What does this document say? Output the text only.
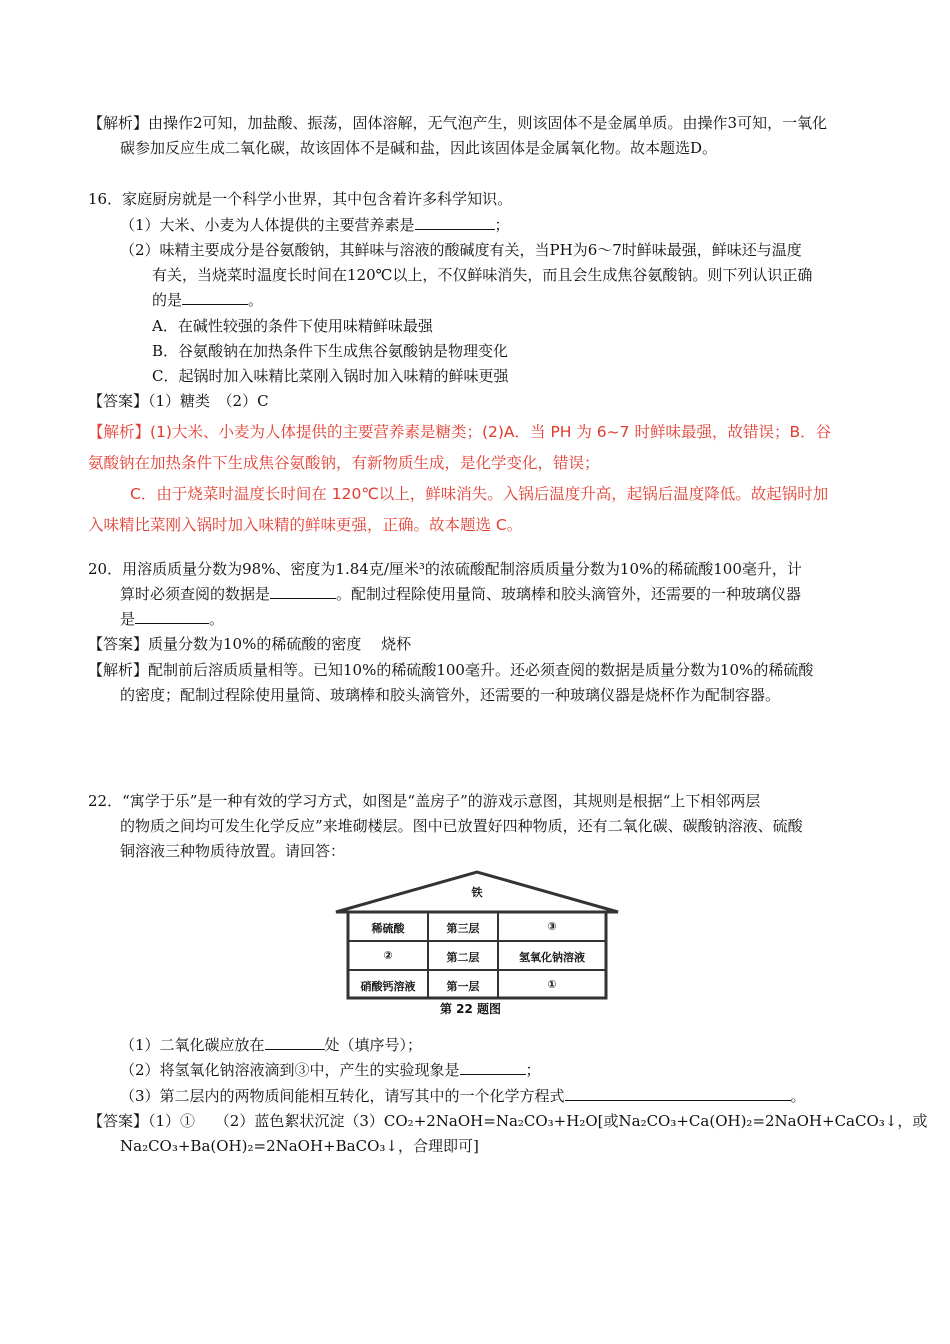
【解析】由操作2可知，加盐酸、振荡，固体溶解，无气泡产生，则该固体不是金属单质。由操作3可知，一氧化
碳参加反应生成二氧化碳，故该固体不是碱和盐，因此该固体是金属氧化物。故本题选D。
16．家庭厨房就是一个科学小世界，其中包含着许多科学知识。
（1）大米、小麦为人体提供的主要营养素是	；
（2）味精主要成分是谷氨酸钠，其鲜味与溶液的酸碱度有关，当PH为6～7时鲜味最强，鲜味还与温度
有关，当烧菜时温度长时间在120℃以上，不仅鲜味消失，而且会生成焦谷氨酸钠。则下列认识正确
的是	。
A．在碱性较强的条件下使用味精鲜味最强
B．谷氨酸钠在加热条件下生成焦谷氨酸钠是物理变化
C．起锅时加入味精比菜刚入锅时加入味精的鲜味更强
【答案】（1）糖类　（2）C
【解析】(1)大米、小麦为人体提供的主要营养素是糖类；(2)A．当 PH 为 6~7 时鲜味最强，故错误；B．谷
氨酸钠在加热条件下生成焦谷氨酸钠，有新物质生成，是化学变化，错误；
C．由于烧菜时温度长时间在 120℃以上，鲜味消失。入锅后温度升高，起锅后温度降低。故起锅时加
入味精比菜刚入锅时加入味精的鲜味更强，正确。故本题选 C。
20．用溶质质量分数为98%、密度为1.84克/厘米³的浓硫酸配制溶质质量分数为10%的稀硫酸100毫升，计
算时必须查阅的数据是	。配制过程除使用量筒、玻璃棒和胶头滴管外，还需要的一种玻璃仪器
是	。
【答案】质量分数为10%的稀硫酸的密度　 烧杯
【解析】配制前后溶质质量相等。已知10%的稀硫酸100毫升。还必须查阅的数据是质量分数为10%的稀硫酸
的密度；配制过程除使用量筒、玻璃棒和胶头滴管外，还需要的一种玻璃仪器是烧杯作为配制容器。
22．“寓学于乐”是一种有效的学习方式，如图是“盖房子”的游戏示意图，其规则是根据“上下相邻两层
的物质之间均可发生化学反应”来堆砌楼层。图中已放置好四种物质，还有二氧化碳、碳酸钠溶液、硫酸
铜溶液三种物质待放置。请回答：
（1）二氧化碳应放在	处（填序号）；
（2）将氢氧化钠溶液滴到③中，产生的实验现象是	；
（3）第二层内的两物质间能相互转化，请写其中的一个化学方程式	。
【答案】（1）①　 （2）蓝色絮状沉淀（3）CO₂+2NaOH=Na₂CO₃+H₂O[或Na₂CO₃+Ca(OH)₂=2NaOH+CaCO₃↓，或
Na₂CO₃+Ba(OH)₂=2NaOH+BaCO₃↓，合理即可]
铁
稀硫酸	第三层	③
②	第二层	氢氧化钠溶液
硝酸钙溶液	第一层	①
第 22 题图
